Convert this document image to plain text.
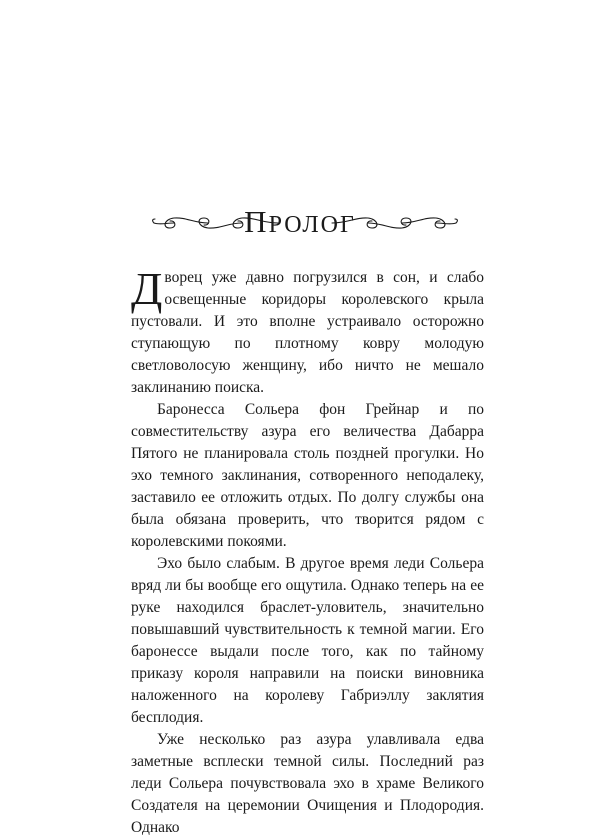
ПРОЛОГ

Дворец уже давно погрузился в сон, и слабо освещенные коридоры королевского крыла пустовали. И это вполне устраивало осторожно ступающую по плотному ковру молодую светловолосую женщину, ибо ничто не мешало заклинанию поиска.

Баронесса Сольера фон Грейнар и по совместительству азура его величества Дабарра Пятого не планировала столь поздней прогулки. Но эхо темного заклинания, сотворенного неподалеку, заставило ее отложить отдых. По долгу службы она была обязана проверить, что творится рядом с королевскими покоями.

Эхо было слабым. В другое время леди Сольера вряд ли бы вообще его ощутила. Однако теперь на ее руке находился браслет-уловитель, значительно повышавший чувствительность к темной магии. Его баронессе выдали после того, как по тайному приказу короля направили на поиски виновника наложенного на королеву Габриэллу заклятия бесплодия.

Уже несколько раз азура улавливала едва заметные всплески темной силы. Последний раз леди Сольера почувствовала эхо в храме Великого Создателя на церемонии Очищения и Плодородия. Однако
